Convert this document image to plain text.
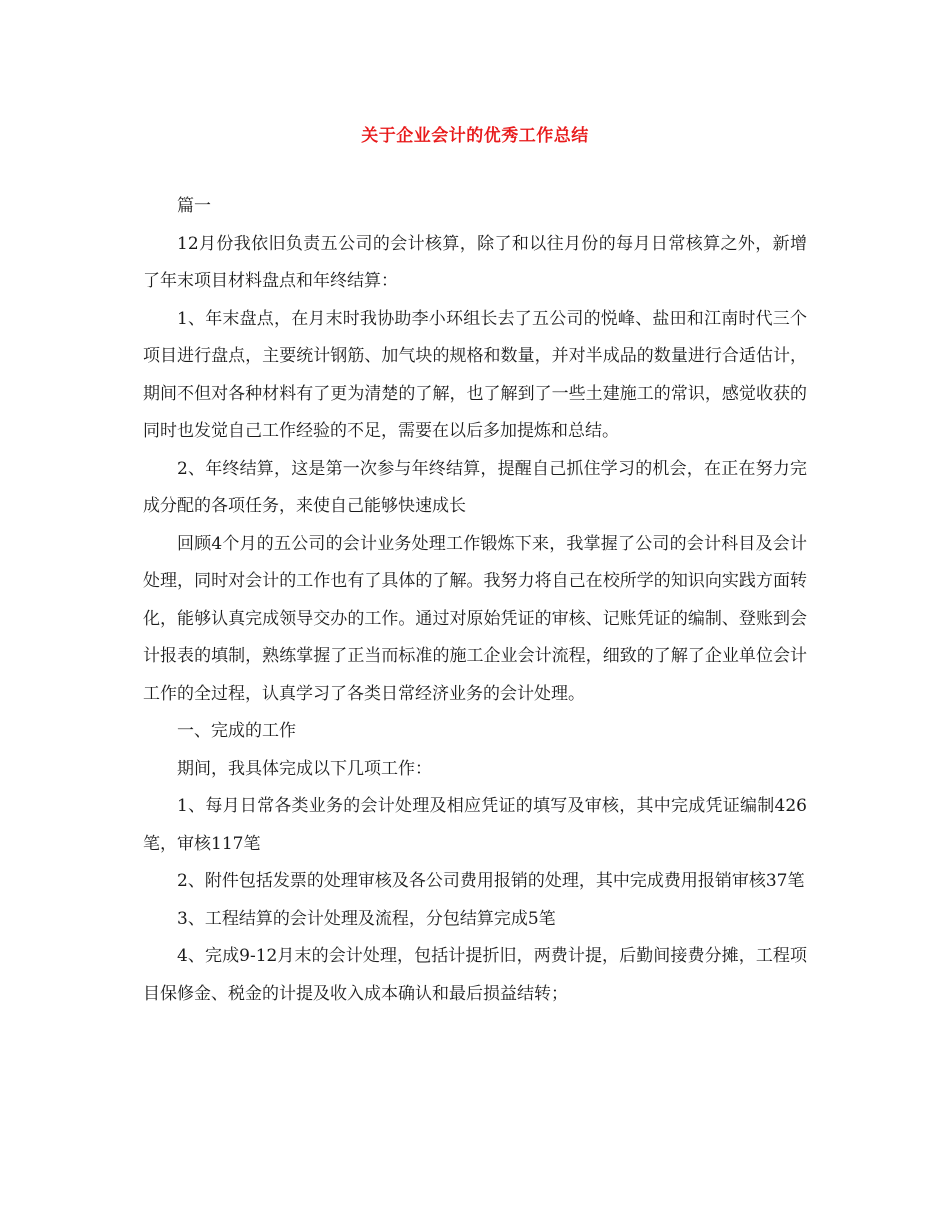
关于企业会计的优秀工作总结

篇一

12月份我依旧负责五公司的会计核算，除了和以往月份的每月日常核算之外，新增了年末项目材料盘点和年终结算：

1、年末盘点，在月末时我协助李小环组长去了五公司的悦峰、盐田和江南时代三个项目进行盘点，主要统计钢筋、加气块的规格和数量，并对半成品的数量进行合适估计，期间不但对各种材料有了更为清楚的了解，也了解到了一些土建施工的常识，感觉收获的同时也发觉自己工作经验的不足，需要在以后多加提炼和总结。

2、年终结算，这是第一次参与年终结算，提醒自己抓住学习的机会，在正在努力完成分配的各项任务，来使自己能够快速成长

回顾4个月的五公司的会计业务处理工作锻炼下来，我掌握了公司的会计科目及会计处理，同时对会计的工作也有了具体的了解。我努力将自己在校所学的知识向实践方面转化，能够认真完成领导交办的工作。通过对原始凭证的审核、记账凭证的编制、登账到会计报表的填制，熟练掌握了正当而标准的施工企业会计流程，细致的了解了企业单位会计工作的全过程，认真学习了各类日常经济业务的会计处理。

一、完成的工作

期间，我具体完成以下几项工作：

1、每月日常各类业务的会计处理及相应凭证的填写及审核，其中完成凭证编制426笔，审核117笔

2、附件包括发票的处理审核及各公司费用报销的处理，其中完成费用报销审核37笔

3、工程结算的会计处理及流程，分包结算完成5笔

4、完成9-12月末的会计处理，包括计提折旧，两费计提，后勤间接费分摊，工程项目保修金、税金的计提及收入成本确认和最后损益结转；
